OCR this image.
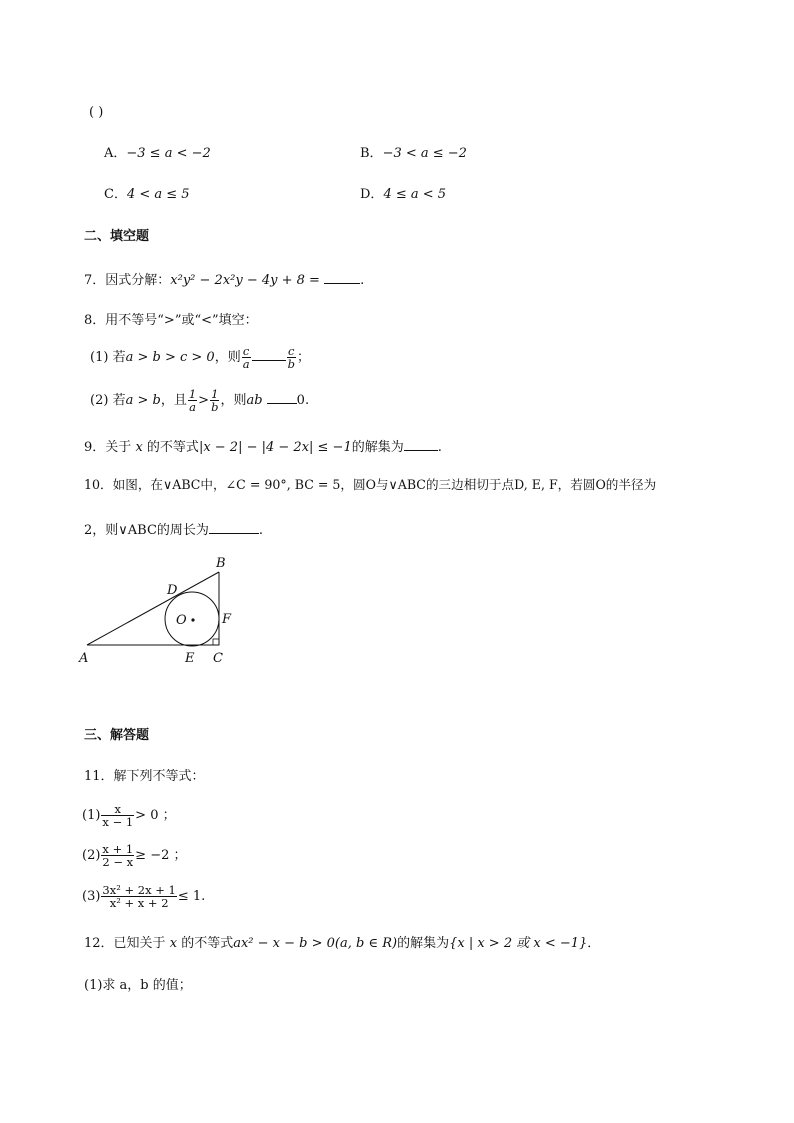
( )
A．−3 ≤ a < −2	B．−3 < a ≤ −2
C．4 < a ≤ 5	D．4 ≤ a < 5
二、填空题
7．因式分解：x²y² − 2x²y − 4y + 8 =	.
8．用不等号“>”或“<”填空：
(1) 若a > b > c > 0，则 $\frac{c}{a}$	$\frac{c}{b}$ ；
(2) 若a > b，且 $\frac{1}{a} > \frac{1}{b}$ ，则ab	0.
9．关于 x 的不等式|x − 2| − |4 − 2x| ≤ −1的解集为	.
10．如图，在∨ABC中，∠C = 90°, BC = 5，圆O与∨ABC的三边相切于点D, E, F，若圆O的半径为
2，则∨ABC的周长为	.
A
B
C
D
E
F
O
三、解答题
11．解下列不等式：
$(1) \frac{x}{x - 1} > 0$ ；
$(2) \frac{x + 1}{2 - x} \ge -2$ ；
$(3) \frac{\text{3x² + 2x + 1}}{\text{x² + x + 2}} \le 1$.
12．已知关于 x 的不等式ax² − x − b > 0(a, b ∈ R)的解集为{x | x > 2 或 x < −1}．
(1)求 a，b 的值；
